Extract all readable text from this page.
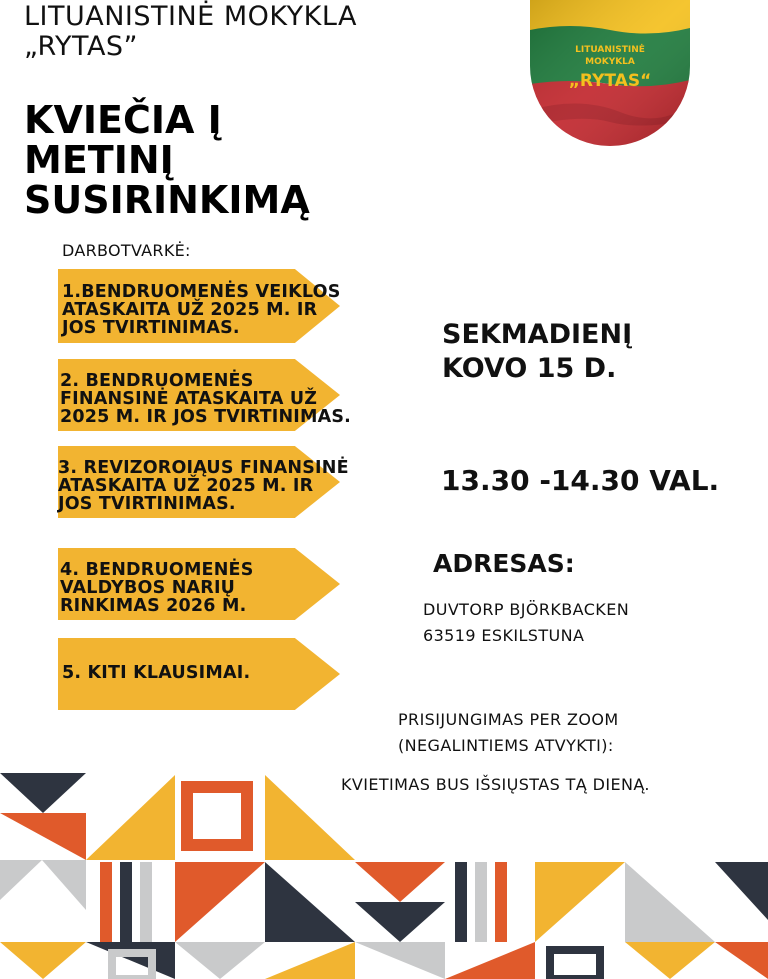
LITUANISTINĖ MOKYKLA
„RYTAS”
KVIEČIA Į
METINĮ
SUSIRINKIMĄ
LITUANISTINĖ
MOKYKLA
„RYTAS“
DARBOTVARKĖ:
1.BENDRUOMENĖS VEIKLOS
ATASKAITA UŽ 2025 M. IR
JOS TVIRTINIMAS.
2. BENDRUOMENĖS
FINANSINĖ ATASKAITA UŽ
2025 M. IR JOS TVIRTINIMAS.
3. REVIZOROIĄUS FINANSINĖ
ATASKAITA UŽ 2025 M. IR
JOS TVIRTINIMAS.
4. BENDRUOMENĖS
VALDYBOS NARIŲ
RINKIMAS 2026 M.
5. KITI KLAUSIMAI.
SEKMADIENĮ
KOVO 15 D.
13.30 -14.30 VAL.
ADRESAS:
DUVTORP BJÖRKBACKEN
63519 ESKILSTUNA
PRISIJUNGIMAS PER ZOOM
(NEGALINTIEMS ATVYKTI):
KVIETIMAS BUS IŠSIŲSTAS TĄ DIENĄ.
